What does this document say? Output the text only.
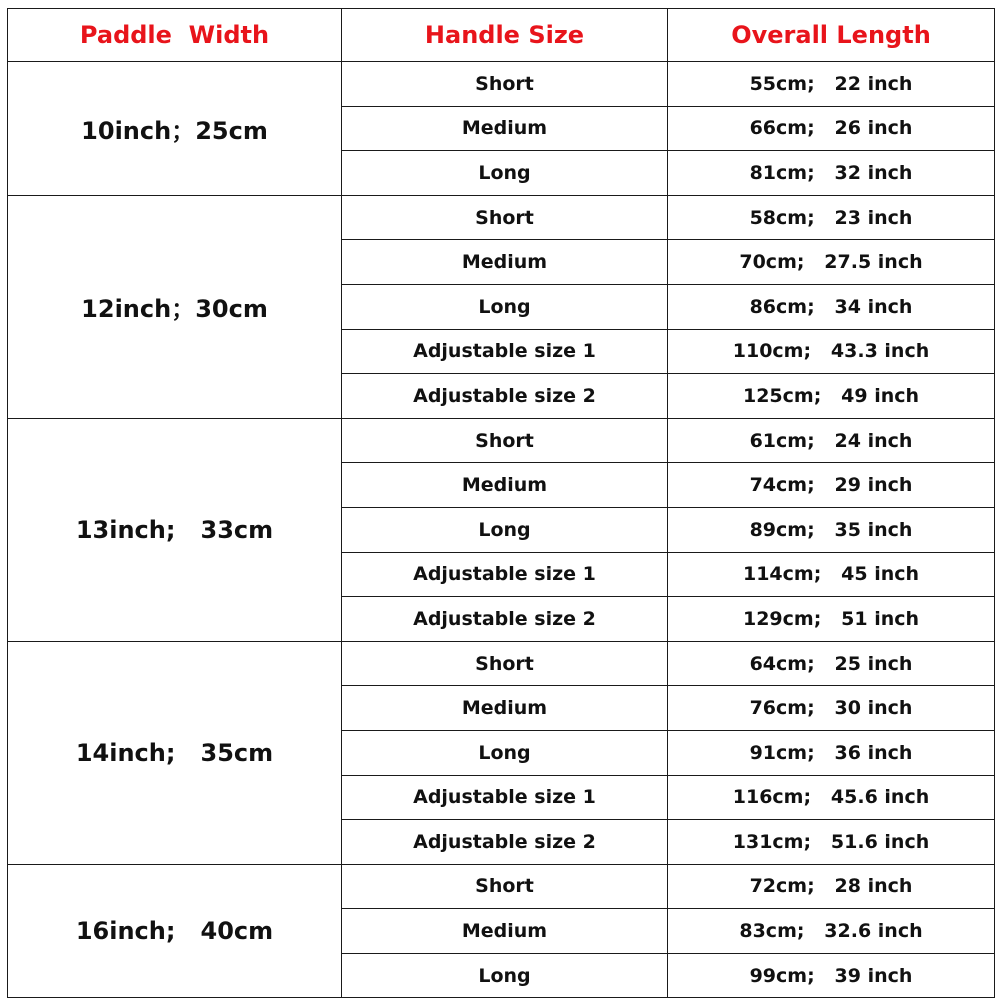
Paddle  Width	Handle Size	Overall Length
10inch；25cm	Short	55cm;   22 inch
	Medium	66cm;   26 inch
	Long	81cm;   32 inch
12inch；30cm	Short	58cm;   23 inch
	Medium	70cm;   27.5 inch
	Long	86cm;   34 inch
	Adjustable size 1	110cm;   43.3 inch
	Adjustable size 2	125cm;   49 inch
13inch;   33cm	Short	61cm;   24 inch
	Medium	74cm;   29 inch
	Long	89cm;   35 inch
	Adjustable size 1	114cm;   45 inch
	Adjustable size 2	129cm;   51 inch
14inch;   35cm	Short	64cm;   25 inch
	Medium	76cm;   30 inch
	Long	91cm;   36 inch
	Adjustable size 1	116cm;   45.6 inch
	Adjustable size 2	131cm;   51.6 inch
16inch;   40cm	Short	72cm;   28 inch
	Medium	83cm;   32.6 inch
	Long	99cm;   39 inch
